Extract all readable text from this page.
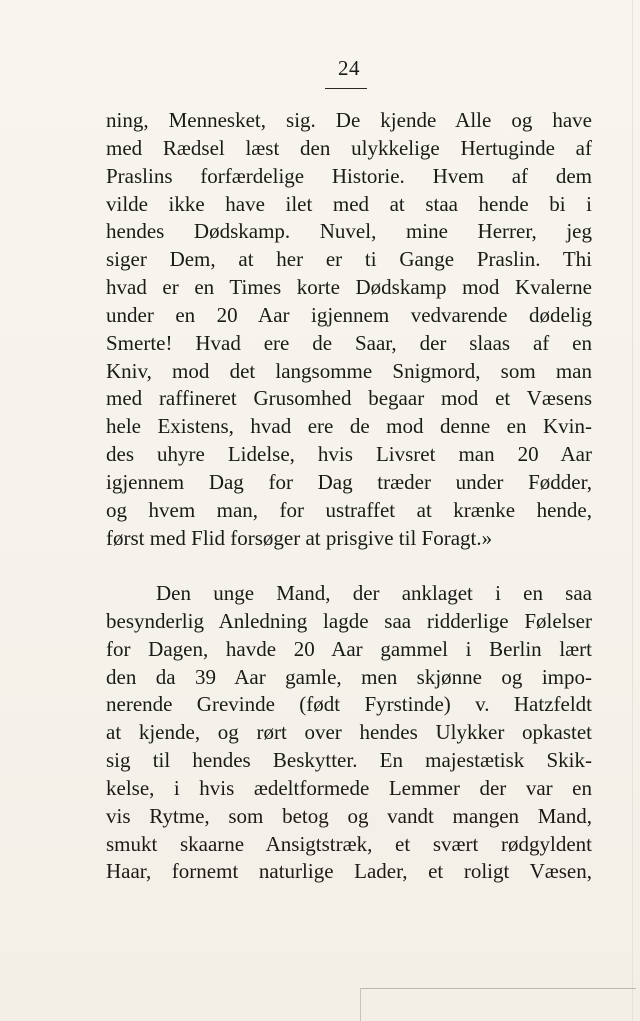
24
ning, Mennesket, sig. De kjende Alle og have
med Rædsel læst den ulykkelige Hertuginde af
Praslins forfærdelige Historie. Hvem af dem
vilde ikke have ilet med at staa hende bi i
hendes Dødskamp. Nuvel, mine Herrer, jeg
siger Dem, at her er ti Gange Praslin. Thi
hvad er en Times korte Dødskamp mod Kvalerne
under en 20 Aar igjennem vedvarende dødelig
Smerte! Hvad ere de Saar, der slaas af en
Kniv, mod det langsomme Snigmord, som man
med raffineret Grusomhed begaar mod et Væsens
hele Existens, hvad ere de mod denne en Kvin-
des uhyre Lidelse, hvis Livsret man 20 Aar
igjennem Dag for Dag træder under Fødder,
og hvem man, for ustraffet at krænke hende,
først med Flid forsøger at prisgive til Foragt.»
Den unge Mand, der anklaget i en saa
besynderlig Anledning lagde saa ridderlige Følelser
for Dagen, havde 20 Aar gammel i Berlin lært
den da 39 Aar gamle, men skjønne og impo-
nerende Grevinde (født Fyrstinde) v. Hatzfeldt
at kjende, og rørt over hendes Ulykker opkastet
sig til hendes Beskytter. En majestætisk Skik-
kelse, i hvis ædeltformede Lemmer der var en
vis Rytme, som betog og vandt mangen Mand,
smukt skaarne Ansigtstræk, et svært rødgyldent
Haar, fornemt naturlige Lader, et roligt Væsen,
